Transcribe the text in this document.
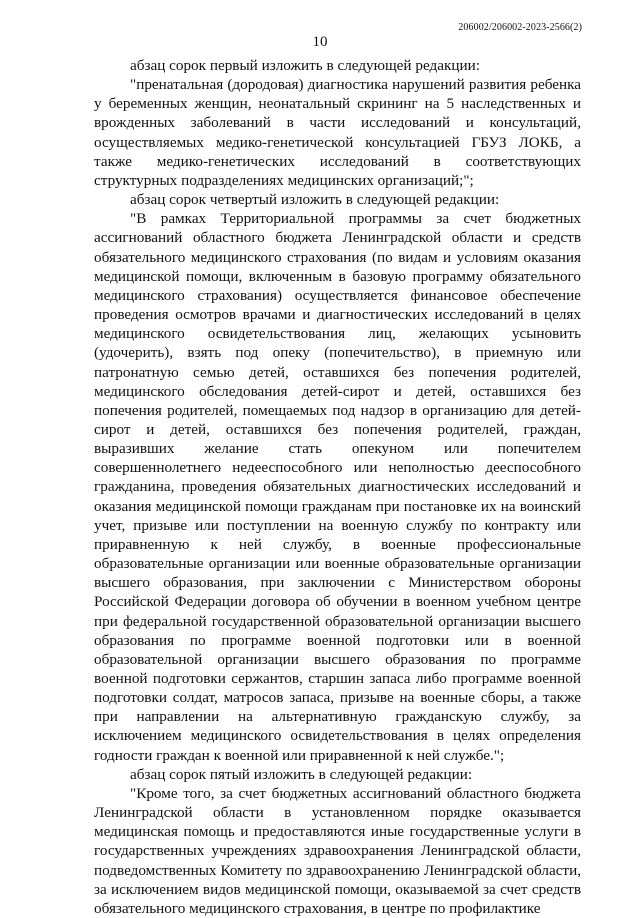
206002/206002-2023-2566(2)
10

абзац сорок первый изложить в следующей редакции:

"пренатальная (дородовая) диагностика нарушений развития ребенка у беременных женщин, неонатальный скрининг на 5 наследственных и врожденных заболеваний в части исследований и консультаций, осуществляемых медико-генетической консультацией ГБУЗ ЛОКБ, а также медико-генетических исследований в соответствующих структурных подразделениях медицинских организаций;";

абзац сорок четвертый изложить в следующей редакции:

"В рамках Территориальной программы за счет бюджетных ассигнований областного бюджета Ленинградской области и средств обязательного медицинского страхования (по видам и условиям оказания медицинской помощи, включенным в базовую программу обязательного медицинского страхования) осуществляется финансовое обеспечение проведения осмотров врачами и диагностических исследований в целях медицинского освидетельствования лиц, желающих усыновить (удочерить), взять под опеку (попечительство), в приемную или патронатную семью детей, оставшихся без попечения родителей, медицинского обследования детей-сирот и детей, оставшихся без попечения родителей, помещаемых под надзор в организацию для детей-сирот и детей, оставшихся без попечения родителей, граждан, выразивших желание стать опекуном или попечителем совершеннолетнего недееспособного или неполностью дееспособного гражданина, проведения обязательных диагностических исследований и оказания медицинской помощи гражданам при постановке их на воинский учет, призыве или поступлении на военную службу по контракту или приравненную к ней службу, в военные профессиональные образовательные организации или военные образовательные организации высшего образования, при заключении с Министерством обороны Российской Федерации договора об обучении в военном учебном центре при федеральной государственной образовательной организации высшего образования по программе военной подготовки или в военной образовательной организации высшего образования по программе военной подготовки сержантов, старшин запаса либо программе военной подготовки солдат, матросов запаса, призыве на военные сборы, а также при направлении на альтернативную гражданскую службу, за исключением медицинского освидетельствования в целях определения годности граждан к военной или приравненной к ней службе.";

абзац сорок пятый изложить в следующей редакции:

"Кроме того, за счет бюджетных ассигнований областного бюджета Ленинградской области в установленном порядке оказывается медицинская помощь и предоставляются иные государственные услуги в государственных учреждениях здравоохранения Ленинградской области, подведомственных Комитету по здравоохранению Ленинградской области, за исключением видов медицинской помощи, оказываемой за счет средств обязательного медицинского страхования, в центре по профилактике
